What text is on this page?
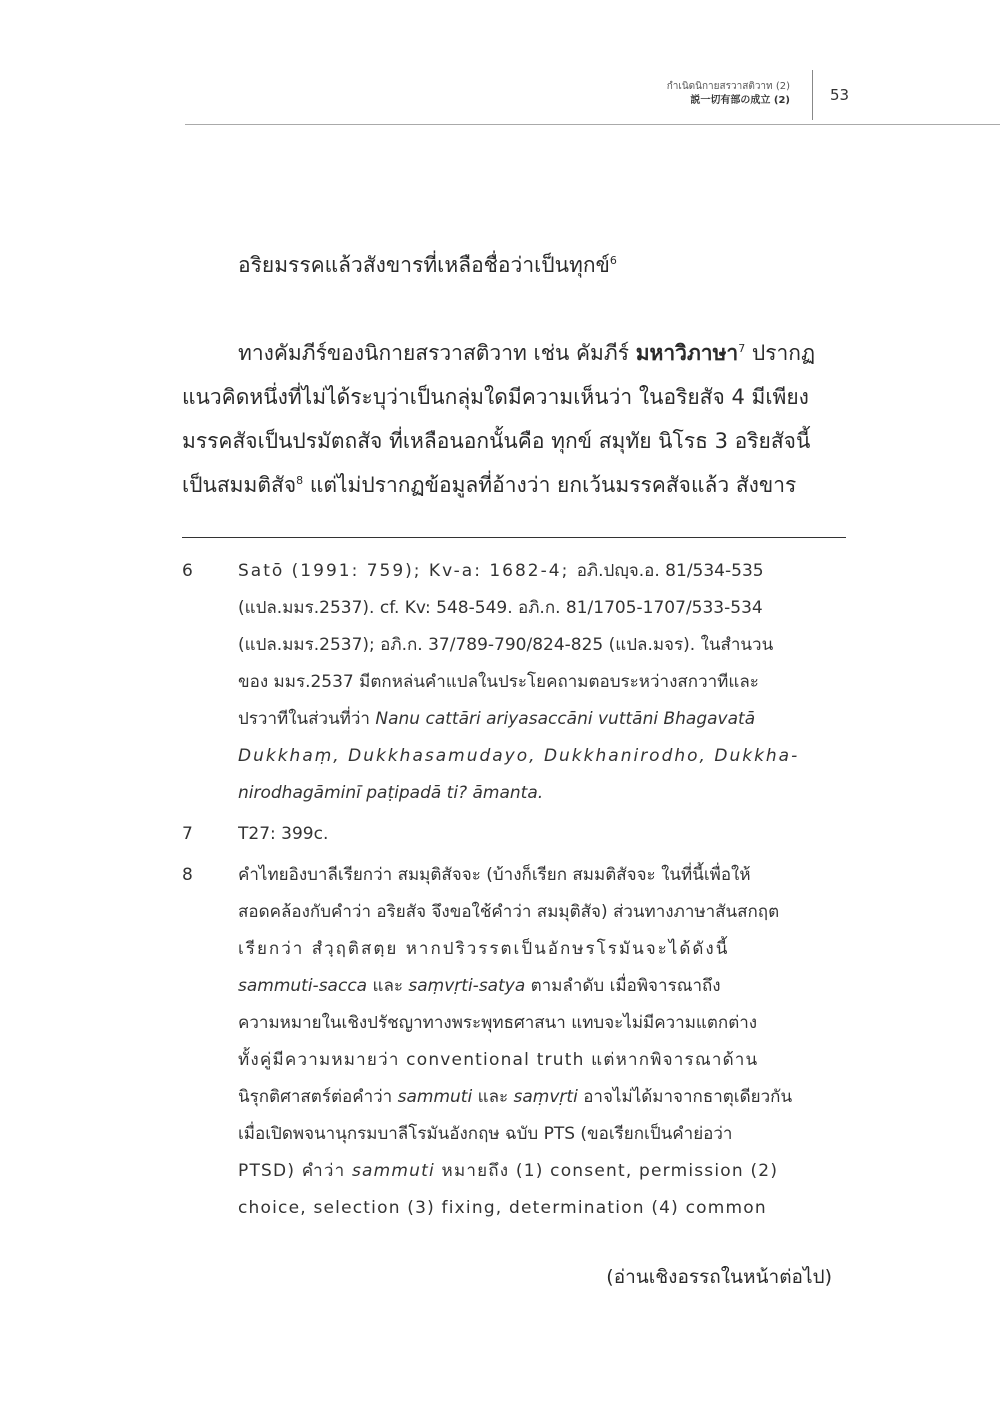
กำเนิดนิกายสรวาสติวาท (2)
説一切有部の成立 (2)	53
อริยมรรคแล้วสังขารที่เหลือชื่อว่าเป็นทุกข์$^6$
ทางคัมภีร์ของนิกายสรวาสติวาท เช่น คัมภีร์ มหาวิภาษา$^7$ ปรากฏ
แนวคิดหนึ่งที่ไม่ได้ระบุว่าเป็นกลุ่มใดมีความเห็นว่า ในอริยสัจ 4 มีเพียง
มรรคสัจเป็นปรมัตถสัจ ที่เหลือนอกนั้นคือ ทุกข์ สมุทัย นิโรธ 3 อริยสัจนี้
เป็นสมมติสัจ$^8$ แต่ไม่ปรากฏข้อมูลที่อ้างว่า ยกเว้นมรรคสัจแล้ว สังขาร
6	Satō (1991: 759); Kv-a: 1682-4; อภิ.ปญฺจ.อ. 81/534-535
(แปล.มมร.2537). cf. Kv: 548-549. อภิ.ก. 81/1705-1707/533-534
(แปล.มมร.2537); อภิ.ก. 37/789-790/824-825 (แปล.มจร). ในสำนวน
ของ มมร.2537 มีตกหล่นคำแปลในประโยคถามตอบระหว่างสกวาทีและ
ปรวาทีในส่วนที่ว่า Nanu cattāri ariyasaccāni vuttāni Bhagavatā
Dukkhaṃ, Dukkhasamudayo, Dukkhanirodho, Dukkha-
nirodhagāminī paṭipadā ti? āmanta.
7	T27: 399c.
8	คำไทยอิงบาลีเรียกว่า สมมุติสัจจะ (บ้างก็เรียก สมมติสัจจะ ในที่นี้เพื่อให้
สอดคล้องกับคำว่า อริยสัจ จึงขอใช้คำว่า สมมุติสัจ) ส่วนทางภาษาสันสกฤต
เรียกว่า สํวฺฤติสตฺย หากปริวรรตเป็นอักษรโรมันจะได้ดังนี้
sammuti-sacca และ saṃvṛti-satya ตามลำดับ เมื่อพิจารณาถึง
ความหมายในเชิงปรัชญาทางพระพุทธศาสนา แทบจะไม่มีความแตกต่าง
ทั้งคู่มีความหมายว่า conventional truth แต่หากพิจารณาด้าน
นิรุกติศาสตร์ต่อคำว่า sammuti และ saṃvṛti อาจไม่ได้มาจากธาตุเดียวกัน
เมื่อเปิดพจนานุกรมบาลีโรมันอังกฤษ ฉบับ PTS (ขอเรียกเป็นคำย่อว่า
PTSD) คำว่า sammuti หมายถึง (1) consent, permission (2)
choice, selection (3) fixing, determination (4) common
(อ่านเชิงอรรถในหน้าต่อไป)
